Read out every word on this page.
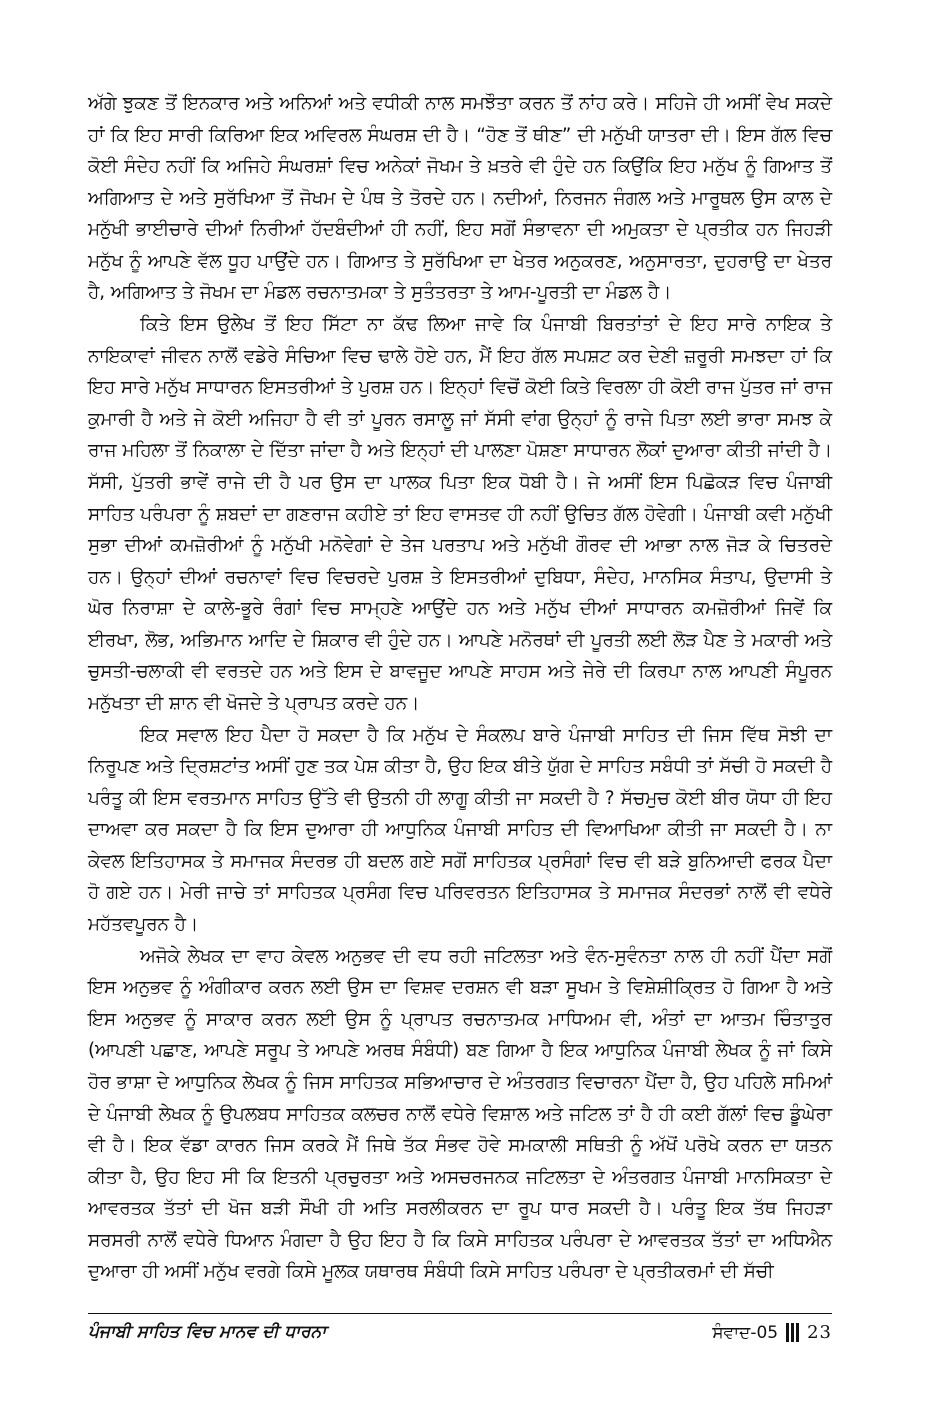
ਅੱਗੇ ਝੁਕਣ ਤੋਂ ਇਨਕਾਰ ਅਤੇ ਅਨਿਆਂ ਅਤੇ ਵਧੀਕੀ ਨਾਲ ਸਮਝੌਤਾ ਕਰਨ ਤੋਂ ਨਾਂਹ ਕਰੇ। ਸਹਿਜੇ ਹੀ ਅਸੀਂ ਵੇਖ ਸਕਦੇ ਹਾਂ ਕਿ ਇਹ ਸਾਰੀ ਕਿਰਿਆ ਇਕ ਅਵਿਰਲ ਸੰਘਰਸ਼ ਦੀ ਹੈ। “ਹੋਣ ਤੋਂ ਥੀਣ” ਦੀ ਮਨੁੱਖੀ ਯਾਤਰਾ ਦੀ। ਇਸ ਗੱਲ ਵਿਚ ਕੋਈ ਸੰਦੇਹ ਨਹੀਂ ਕਿ ਅਜਿਹੇ ਸੰਘਰਸ਼ਾਂ ਵਿਚ ਅਨੇਕਾਂ ਜੋਖਮ ਤੇ ਖ਼ਤਰੇ ਵੀ ਹੁੰਦੇ ਹਨ ਕਿਉਂਕਿ ਇਹ ਮਨੁੱਖ ਨੂੰ ਗਿਆਤ ਤੋਂ ਅਗਿਆਤ ਦੇ ਅਤੇ ਸੁਰੱਖਿਆ ਤੋਂ ਜੋਖਮ ਦੇ ਪੰਥ ਤੇ ਤੋਰਦੇ ਹਨ। ਨਦੀਆਂ, ਨਿਰਜਨ ਜੰਗਲ ਅਤੇ ਮਾਰੂਥਲ ਉਸ ਕਾਲ ਦੇ ਮਨੁੱਖੀ ਭਾਈਚਾਰੇ ਦੀਆਂ ਨਿਰੀਆਂ ਹੱਦਬੰਦੀਆਂ ਹੀ ਨਹੀਂ, ਇਹ ਸਗੋਂ ਸੰਭਾਵਨਾ ਦੀ ਅਮੁਕਤਾ ਦੇ ਪ੍ਰਤੀਕ ਹਨ ਜਿਹੜੀ ਮਨੁੱਖ ਨੂੰ ਆਪਣੇ ਵੱਲ ਧੂਹ ਪਾਉਂਦੇ ਹਨ। ਗਿਆਤ ਤੇ ਸੁਰੱਖਿਆ ਦਾ ਖੇਤਰ ਅਨੁਕਰਣ, ਅਨੁਸਾਰਤਾ, ਦੁਹਰਾਉ ਦਾ ਖੇਤਰ ਹੈ, ਅਗਿਆਤ ਤੇ ਜੋਖਮ ਦਾ ਮੰਡਲ ਰਚਨਾਤਮਕਾ ਤੇ ਸੁਤੰਤਰਤਾ ਤੇ ਆਮ-ਪੂਰਤੀ ਦਾ ਮੰਡਲ ਹੈ।

ਕਿਤੇ ਇਸ ਉਲੇਖ ਤੋਂ ਇਹ ਸਿੱਟਾ ਨਾ ਕੱਢ ਲਿਆ ਜਾਵੇ ਕਿ ਪੰਜਾਬੀ ਬਿਰਤਾਂਤਾਂ ਦੇ ਇਹ ਸਾਰੇ ਨਾਇਕ ਤੇ ਨਾਇਕਾਵਾਂ ਜੀਵਨ ਨਾਲੋਂ ਵਡੇਰੇ ਸੰਚਿਆ ਵਿਚ ਢਾਲੇ ਹੋਏ ਹਨ, ਮੈਂ ਇਹ ਗੱਲ ਸਪਸ਼ਟ ਕਰ ਦੇਣੀ ਜ਼ਰੂਰੀ ਸਮਝਦਾ ਹਾਂ ਕਿ ਇਹ ਸਾਰੇ ਮਨੁੱਖ ਸਾਧਾਰਨ ਇਸਤਰੀਆਂ ਤੇ ਪੁਰਸ਼ ਹਨ। ਇਨ੍ਹਾਂ ਵਿਚੋਂ ਕੋਈ ਕਿਤੇ ਵਿਰਲਾ ਹੀ ਕੋਈ ਰਾਜ ਪੁੱਤਰ ਜਾਂ ਰਾਜ ਕੁਮਾਰੀ ਹੈ ਅਤੇ ਜੇ ਕੋਈ ਅਜਿਹਾ ਹੈ ਵੀ ਤਾਂ ਪੂਰਨ ਰਸਾਲੂ ਜਾਂ ਸੱਸੀ ਵਾਂਗ ਉਨ੍ਹਾਂ ਨੂੰ ਰਾਜੇ ਪਿਤਾ ਲਈ ਭਾਰਾ ਸਮਝ ਕੇ ਰਾਜ ਮਹਿਲਾ ਤੋਂ ਨਿਕਾਲਾ ਦੇ ਦਿੱਤਾ ਜਾਂਦਾ ਹੈ ਅਤੇ ਇਨ੍ਹਾਂ ਦੀ ਪਾਲਣਾ ਪੋਸ਼ਣਾ ਸਾਧਾਰਨ ਲੋਕਾਂ ਦੁਆਰਾ ਕੀਤੀ ਜਾਂਦੀ ਹੈ। ਸੱਸੀ, ਪੁੱਤਰੀ ਭਾਵੇਂ ਰਾਜੇ ਦੀ ਹੈ ਪਰ ਉਸ ਦਾ ਪਾਲਕ ਪਿਤਾ ਇਕ ਧੋਬੀ ਹੈ। ਜੇ ਅਸੀਂ ਇਸ ਪਿਛੋਕੜ ਵਿਚ ਪੰਜਾਬੀ ਸਾਹਿਤ ਪਰੰਪਰਾ ਨੂੰ ਸ਼ਬਦਾਂ ਦਾ ਗਣਰਾਜ ਕਹੀਏ ਤਾਂ ਇਹ ਵਾਸਤਵ ਹੀ ਨਹੀਂ ਉਚਿਤ ਗੱਲ ਹੋਵੇਗੀ। ਪੰਜਾਬੀ ਕਵੀ ਮਨੁੱਖੀ ਸੁਭਾ ਦੀਆਂ ਕਮਜ਼ੋਰੀਆਂ ਨੂੰ ਮਨੁੱਖੀ ਮਨੋਵੇਗਾਂ ਦੇ ਤੇਜ ਪਰਤਾਪ ਅਤੇ ਮਨੁੱਖੀ ਗੌਰਵ ਦੀ ਆਭਾ ਨਾਲ ਜੋੜ ਕੇ ਚਿਤਰਦੇ ਹਨ। ਉਨ੍ਹਾਂ ਦੀਆਂ ਰਚਨਾਵਾਂ ਵਿਚ ਵਿਚਰਦੇ ਪੁਰਸ਼ ਤੇ ਇਸਤਰੀਆਂ ਦੁਬਿਧਾ, ਸੰਦੇਹ, ਮਾਨਸਿਕ ਸੰਤਾਪ, ਉਦਾਸੀ ਤੇ ਘੋਰ ਨਿਰਾਸ਼ਾ ਦੇ ਕਾਲੇ-ਭੂਰੇ ਰੰਗਾਂ ਵਿਚ ਸਾਮ੍ਹਣੇ ਆਉਂਦੇ ਹਨ ਅਤੇ ਮਨੁੱਖ ਦੀਆਂ ਸਾਧਾਰਨ ਕਮਜ਼ੋਰੀਆਂ ਜਿਵੇਂ ਕਿ ਈਰਖਾ, ਲੋਭ, ਅਭਿਮਾਨ ਆਦਿ ਦੇ ਸ਼ਿਕਾਰ ਵੀ ਹੁੰਦੇ ਹਨ। ਆਪਣੇ ਮਨੋਰਥਾਂ ਦੀ ਪੂਰਤੀ ਲਈ ਲੋੜ ਪੈਣ ਤੇ ਮਕਾਰੀ ਅਤੇ ਚੁਸਤੀ-ਚਲਾਕੀ ਵੀ ਵਰਤਦੇ ਹਨ ਅਤੇ ਇਸ ਦੇ ਬਾਵਜੂਦ ਆਪਣੇ ਸਾਹਸ ਅਤੇ ਜੇਰੇ ਦੀ ਕਿਰਪਾ ਨਾਲ ਆਪਣੀ ਸੰਪੂਰਨ ਮਨੁੱਖਤਾ ਦੀ ਸ਼ਾਨ ਵੀ ਖੋਜਦੇ ਤੇ ਪ੍ਰਾਪਤ ਕਰਦੇ ਹਨ।

ਇਕ ਸਵਾਲ ਇਹ ਪੈਦਾ ਹੋ ਸਕਦਾ ਹੈ ਕਿ ਮਨੁੱਖ ਦੇ ਸੰਕਲਪ ਬਾਰੇ ਪੰਜਾਬੀ ਸਾਹਿਤ ਦੀ ਜਿਸ ਵਿੱਥ ਸੋਝੀ ਦਾ ਨਿਰੂਪਣ ਅਤੇ ਦ੍ਰਿਸ਼ਟਾਂਤ ਅਸੀਂ ਹੁਣ ਤਕ ਪੇਸ਼ ਕੀਤਾ ਹੈ, ਉਹ ਇਕ ਬੀਤੇ ਯੁੱਗ ਦੇ ਸਾਹਿਤ ਸਬੰਧੀ ਤਾਂ ਸੱਚੀ ਹੋ ਸਕਦੀ ਹੈ ਪਰੰਤੂ ਕੀ ਇਸ ਵਰਤਮਾਨ ਸਾਹਿਤ ਉੱਤੇ ਵੀ ਉਤਨੀ ਹੀ ਲਾਗੂ ਕੀਤੀ ਜਾ ਸਕਦੀ ਹੈ ? ਸੱਚਮੁਚ ਕੋਈ ਬੀਰ ਯੋਧਾ ਹੀ ਇਹ ਦਾਅਵਾ ਕਰ ਸਕਦਾ ਹੈ ਕਿ ਇਸ ਦੁਆਰਾ ਹੀ ਆਧੁਨਿਕ ਪੰਜਾਬੀ ਸਾਹਿਤ ਦੀ ਵਿਆਖਿਆ ਕੀਤੀ ਜਾ ਸਕਦੀ ਹੈ। ਨਾ ਕੇਵਲ ਇਤਿਹਾਸਕ ਤੇ ਸਮਾਜਕ ਸੰਦਰਭ ਹੀ ਬਦਲ ਗਏ ਸਗੋਂ ਸਾਹਿਤਕ ਪ੍ਰਸੰਗਾਂ ਵਿਚ ਵੀ ਬੜੇ ਬੁਨਿਆਦੀ ਫਰਕ ਪੈਦਾ ਹੋ ਗਏ ਹਨ। ਮੇਰੀ ਜਾਚੇ ਤਾਂ ਸਾਹਿਤਕ ਪ੍ਰਸੰਗ ਵਿਚ ਪਰਿਵਰਤਨ ਇਤਿਹਾਸਕ ਤੇ ਸਮਾਜਕ ਸੰਦਰਭਾਂ ਨਾਲੋਂ ਵੀ ਵਧੇਰੇ ਮਹੱਤਵਪੂਰਨ ਹੈ।

ਅਜੋਕੇ ਲੇਖਕ ਦਾ ਵਾਹ ਕੇਵਲ ਅਨੁਭਵ ਦੀ ਵਧ ਰਹੀ ਜਟਿਲਤਾ ਅਤੇ ਵੰਨ-ਸੁਵੰਨਤਾ ਨਾਲ ਹੀ ਨਹੀਂ ਪੈਂਦਾ ਸਗੋਂ ਇਸ ਅਨੁਭਵ ਨੂੰ ਅੰਗੀਕਾਰ ਕਰਨ ਲਈ ਉਸ ਦਾ ਵਿਸ਼ਵ ਦਰਸ਼ਨ ਵੀ ਬੜਾ ਸੂਖਮ ਤੇ ਵਿਸ਼ੇਸ਼ੀਕ੍ਰਿਤ ਹੋ ਗਿਆ ਹੈ ਅਤੇ ਇਸ ਅਨੁਭਵ ਨੂੰ ਸਾਕਾਰ ਕਰਨ ਲਈ ਉਸ ਨੂੰ ਪ੍ਰਾਪਤ ਰਚਨਾਤਮਕ ਮਾਧਿਅਮ ਵੀ, ਅੰਤਾਂ ਦਾ ਆਤਮ ਚਿੰਤਾਤੁਰ (ਆਪਣੀ ਪਛਾਣ, ਆਪਣੇ ਸਰੂਪ ਤੇ ਆਪਣੇ ਅਰਥ ਸੰਬੰਧੀ) ਬਣ ਗਿਆ ਹੈ ਇਕ ਆਧੁਨਿਕ ਪੰਜਾਬੀ ਲੇਖਕ ਨੂੰ ਜਾਂ ਕਿਸੇ ਹੋਰ ਭਾਸ਼ਾ ਦੇ ਆਧੁਨਿਕ ਲੇਖਕ ਨੂੰ ਜਿਸ ਸਾਹਿਤਕ ਸਭਿਆਚਾਰ ਦੇ ਅੰਤਰਗਤ ਵਿਚਾਰਨਾ ਪੈਂਦਾ ਹੈ, ਉਹ ਪਹਿਲੇ ਸਮਿਆਂ ਦੇ ਪੰਜਾਬੀ ਲੇਖਕ ਨੂੰ ਉਪਲਬਧ ਸਾਹਿਤਕ ਕਲਚਰ ਨਾਲੋਂ ਵਧੇਰੇ ਵਿਸ਼ਾਲ ਅਤੇ ਜਟਿਲ ਤਾਂ ਹੈ ਹੀ ਕਈ ਗੱਲਾਂ ਵਿਚ ਡੂੰਘੇਰਾ ਵੀ ਹੈ। ਇਕ ਵੱਡਾ ਕਾਰਨ ਜਿਸ ਕਰਕੇ ਮੈਂ ਜਿਥੇ ਤੱਕ ਸੰਭਵ ਹੋਵੇ ਸਮਕਾਲੀ ਸਥਿਤੀ ਨੂੰ ਅੱਖੋਂ ਪਰੋਖੇ ਕਰਨ ਦਾ ਯਤਨ ਕੀਤਾ ਹੈ, ਉਹ ਇਹ ਸੀ ਕਿ ਇਤਨੀ ਪ੍ਰਚੁਰਤਾ ਅਤੇ ਅਸਚਰਜਨਕ ਜਟਿਲਤਾ ਦੇ ਅੰਤਰਗਤ ਪੰਜਾਬੀ ਮਾਨਸਿਕਤਾ ਦੇ ਆਵਰਤਕ ਤੱਤਾਂ ਦੀ ਖੋਜ ਬੜੀ ਸੌਖੀ ਹੀ ਅਤਿ ਸਰਲੀਕਰਨ ਦਾ ਰੂਪ ਧਾਰ ਸਕਦੀ ਹੈ। ਪਰੰਤੂ ਇਕ ਤੱਥ ਜਿਹੜਾ ਸਰਸਰੀ ਨਾਲੋਂ ਵਧੇਰੇ ਧਿਆਨ ਮੰਗਦਾ ਹੈ ਉਹ ਇਹ ਹੈ ਕਿ ਕਿਸੇ ਸਾਹਿਤਕ ਪਰੰਪਰਾ ਦੇ ਆਵਰਤਕ ਤੱਤਾਂ ਦਾ ਅਧਿਐਨ ਦੁਆਰਾ ਹੀ ਅਸੀਂ ਮਨੁੱਖ ਵਰਗੇ ਕਿਸੇ ਮੂਲਕ ਯਥਾਰਥ ਸੰਬੰਧੀ ਕਿਸੇ ਸਾਹਿਤ ਪਰੰਪਰਾ ਦੇ ਪ੍ਰਤੀਕਰਮਾਂ ਦੀ ਸੱਚੀ

ਪੰਜਾਬੀ ਸਾਹਿਤ ਵਿਚ ਮਾਨਵ ਦੀ ਧਾਰਨਾ	ਸੰਵਾਦ-05 23
